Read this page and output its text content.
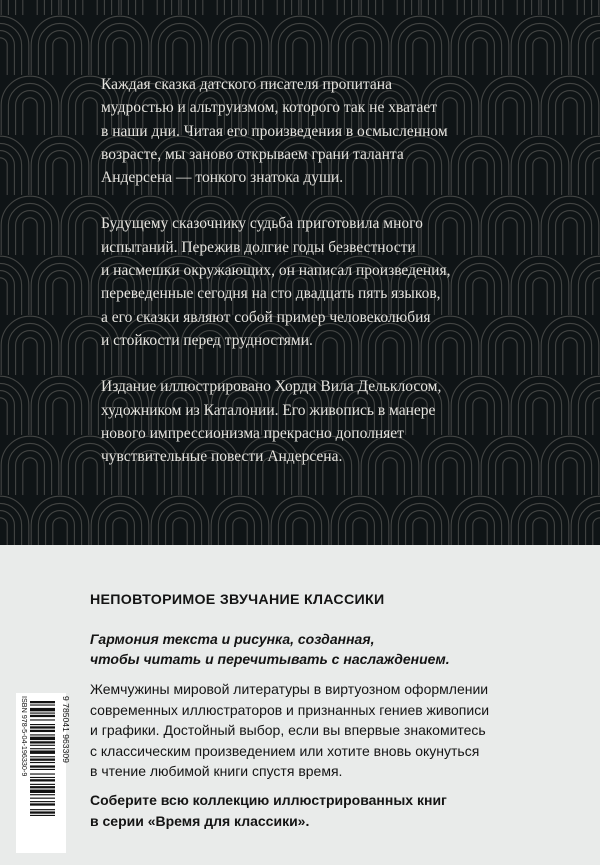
Каждая сказка датского писателя пропитана
мудростью и альтруизмом, которого так не хватает
в наши дни. Читая его произведения в осмысленном
возрасте, мы заново открываем грани таланта
Андерсена — тонкого знатока души.

Будущему сказочнику судьба приготовила много
испытаний. Пережив долгие годы безвестности
и насмешки окружающих, он написал произведения,
переведенные сегодня на сто двадцать пять языков,
а его сказки являют собой пример человеколюбия
и стойкости перед трудностями.

Издание иллюстрировано Хорди Вила Дельклосом,
художником из Каталонии. Его живопись в манере
нового импрессионизма прекрасно дополняет
чувствительные повести Андерсена.

НЕПОВТОРИМОЕ ЗВУЧАНИЕ КЛАССИКИ
Гармония текста и рисунка, созданная,
чтобы читать и перечитывать с наслаждением.
Жемчужины мировой литературы в виртуозном оформлении
современных иллюстраторов и признанных гениев живописи
и графики. Достойный выбор, если вы впервые знакомитесь
с классическим произведением или хотите вновь окунуться
в чтение любимой книги спустя время.
Соберите всю коллекцию иллюстрированных книг
в серии «Время для классики».
ISBN 978-5-04-196330-9	9 785041 963309
